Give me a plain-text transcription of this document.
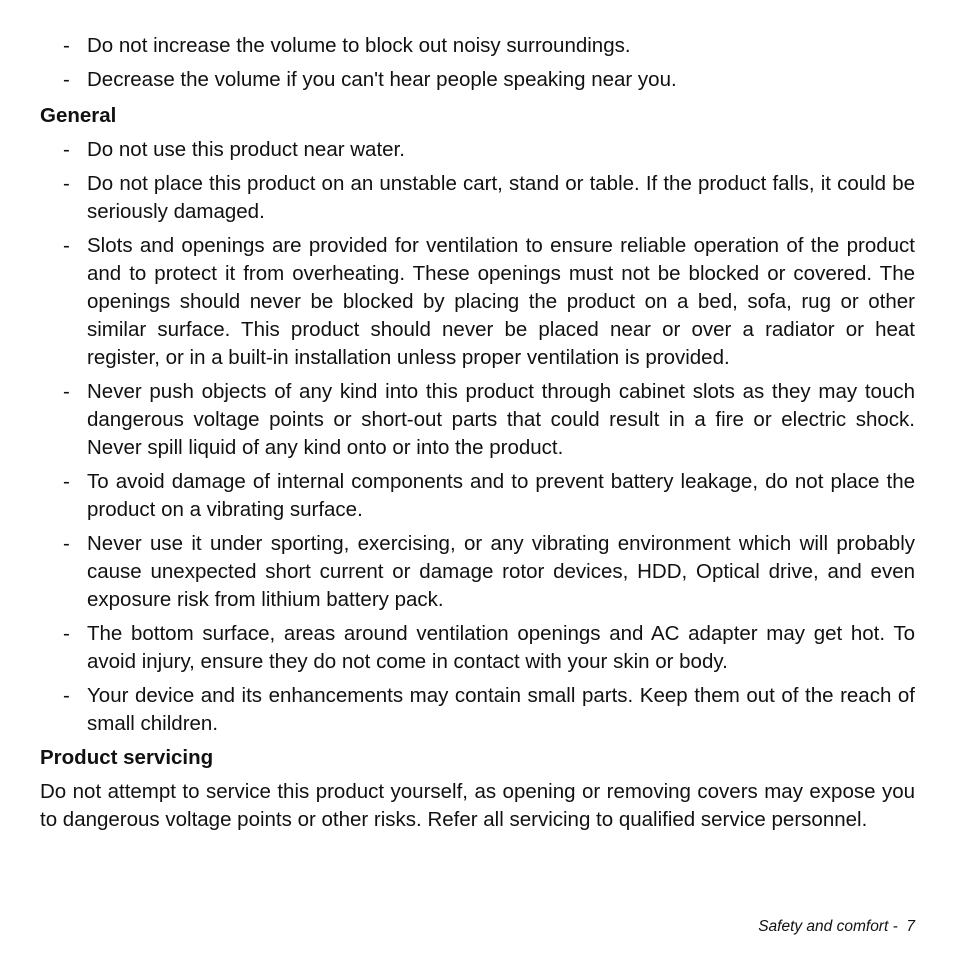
- Do not increase the volume to block out noisy surroundings.
- Decrease the volume if you can't hear people speaking near you.
General
- Do not use this product near water.
- Do not place this product on an unstable cart, stand or table. If the product falls, it could be seriously damaged.
- Slots and openings are provided for ventilation to ensure reliable operation of the product and to protect it from overheating. These openings must not be blocked or covered. The openings should never be blocked by placing the product on a bed, sofa, rug or other similar surface. This product should never be placed near or over a radiator or heat register, or in a built-in installation unless proper ventilation is provided.
- Never push objects of any kind into this product through cabinet slots as they may touch dangerous voltage points or short-out parts that could result in a fire or electric shock. Never spill liquid of any kind onto or into the product.
- To avoid damage of internal components and to prevent battery leakage, do not place the product on a vibrating surface.
- Never use it under sporting, exercising, or any vibrating environment which will probably cause unexpected short current or damage rotor devices, HDD, Optical drive, and even exposure risk from lithium battery pack.
- The bottom surface, areas around ventilation openings and AC adapter may get hot. To avoid injury, ensure they do not come in contact with your skin or body.
- Your device and its enhancements may contain small parts. Keep them out of the reach of small children.
Product servicing

Do not attempt to service this product yourself, as opening or removing covers may expose you to dangerous voltage points or other risks. Refer all servicing to qualified service personnel.

Safety and comfort - 7
